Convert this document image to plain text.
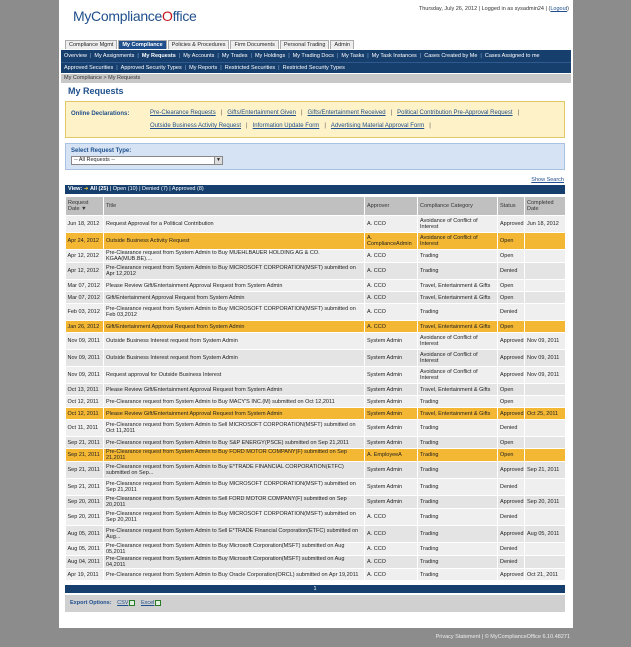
MyComplianceOffice	Thursday, July 26, 2012 | Logged in as sysadmin24 | (Logout)
Compliance Mgmt	My Compliance	Policies & Procedures	Firm Documents	Personal Trading	Admin
Overview | My Assignments | My Requests | My Accounts | My Trades | My Holdings | My Trading Docs | My Tasks | My Task Instances | Cases Created by Me | Cases Assigned to me
Approved Securities | Approved Security Types | My Reports | Restricted Securities | Restricted Security Types
My Compliance > My Requests
My Requests
Online Declarations:	Pre-Clearance Requests | Gifts/Entertainment Given | Gifts/Entertainment Received | Political Contribution Pre-Approval Request |
Outside Business Activity Request | Information Update Form | Advertising Material Approval Form |
Select Request Type:
-- All Requests --	▼
Show Search
View: ➔ All (25) | Open (10) | Denied (7) | Approved (8)
Request Date ▼	Title	Approver	Compliance Category	Status	Completed Date
Jun 18, 2012	Request Approval for a Political Contribution	A. CCO	Avoidance of Conflict of Interest	Approved	Jun 18, 2012
Apr 24, 2012	Outside Business Activity Request	A. ComplianceAdmin	Avoidance of Conflict of Interest	Open	
Apr 12, 2012	Pre-Clearance request from System Admin to Buy MUEHLBAUER HOLDING AG & CO. KGAA(MUB.BE)....	A. CCO	Trading	Open	
Apr 12, 2012	Pre-Clearance request from System Admin to Buy MICROSOFT CORPORATION(MSFT) submitted on Apr 12,2012	A. CCO	Trading	Denied	
Mar 07, 2012	Please Review Gift/Entertainment Approval Request from System Admin	A. CCO	Travel, Entertainment & Gifts	Open	
Mar 07, 2012	Gift/Entertainment Approval Request from System Admin	A. CCO	Travel, Entertainment & Gifts	Open	
Feb 03, 2012	Pre-Clearance request from System Admin to Buy MICROSOFT CORPORATION(MSFT) submitted on Feb 03,2012	A. CCO	Trading	Denied	
Jan 26, 2012	Gift/Entertainment Approval Request from System Admin	A. CCO	Travel, Entertainment & Gifts	Open	
Nov 09, 2011	Outside Business Interest request from System Admin	System Admin	Avoidance of Conflict of Interest	Approved	Nov 09, 2011
Nov 09, 2011	Outside Business Interest request from System Admin	System Admin	Avoidance of Conflict of Interest	Approved	Nov 09, 2011
Nov 09, 2011	Request approval for Outside Business Interest	System Admin	Avoidance of Conflict of Interest	Approved	Nov 09, 2011
Oct 13, 2011	Please Review Gift/Entertainment Approval Request from System Admin	System Admin	Travel, Entertainment & Gifts	Open	
Oct 12, 2011	Pre-Clearance request from System Admin to Buy MACY'S INC.(M) submitted on Oct 12,2011	System Admin	Trading	Open	
Oct 12, 2011	Please Review Gift/Entertainment Approval Request from System Admin	System Admin	Travel, Entertainment & Gifts	Approved	Oct 25, 2011
Oct 11, 2011	Pre-Clearance request from System Admin to Sell MICROSOFT CORPORATION(MSFT) submitted on Oct 11,2011	System Admin	Trading	Denied	
Sep 21, 2011	Pre-Clearance request from System Admin to Buy S&P ENERGY(PSCE) submitted on Sep 21,2011	System Admin	Trading	Open	
Sep 21, 2011	Pre-Clearance request from System Admin to Buy FORD MOTOR COMPANY(F) submitted on Sep 21,2011	A. EmployeeA	Trading	Open	
Sep 21, 2011	Pre-Clearance request from System Admin to Buy E*TRADE FINANCIAL CORPORATION(ETFC) submitted on Sep...	System Admin	Trading	Approved	Sep 21, 2011
Sep 21, 2011	Pre-Clearance request from System Admin to Buy MICROSOFT CORPORATION(MSFT) submitted on Sep 21,2011	System Admin	Trading	Denied	
Sep 20, 2011	Pre-Clearance request from System Admin to Sell FORD MOTOR COMPANY(F) submitted on Sep 20,2011	System Admin	Trading	Approved	Sep 20, 2011
Sep 20, 2011	Pre-Clearance request from System Admin to Buy MICROSOFT CORPORATION(MSFT) submitted on Sep 20,2011	A. CCO	Trading	Denied	
Aug 05, 2011	Pre-Clearance request from System Admin to Sell E*TRADE Financial Corporation(ETFC) submitted on Aug...	A. CCO	Trading	Approved	Aug 05, 2011
Aug 05, 2011	Pre-Clearance request from System Admin to Buy Microsoft Corporation(MSFT) submitted on Aug 05,2011	A. CCO	Trading	Denied	
Aug 04, 2011	Pre-Clearance request from System Admin to Buy Microsoft Corporation(MSFT) submitted on Aug 04,2011	A. CCO	Trading	Denied	
Apr 19, 2011	Pre-Clearance request from System Admin to Buy Oracle Corporation(ORCL) submitted on Apr 19,2011	A. CCO	Trading	Approved	Oct 21, 2011
1
Export Options: CSV Excel
Privacy Statement | © MyComplianceOffice 6.10.48271
